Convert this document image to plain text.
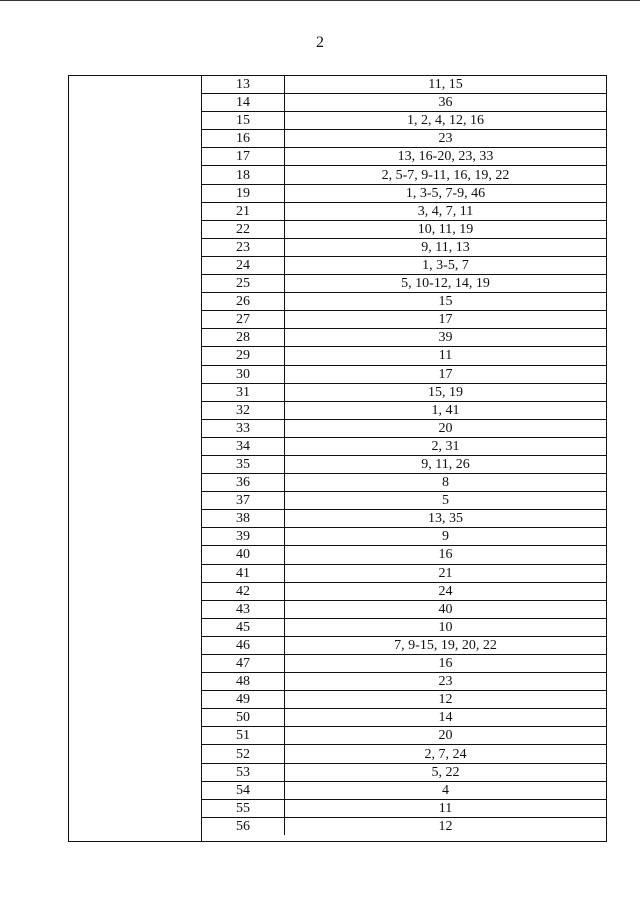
2
13	11, 15
14	36
15	1, 2, 4, 12, 16
16	23
17	13, 16-20, 23, 33
18	2, 5-7, 9-11, 16, 19, 22
19	1, 3-5, 7-9, 46
21	3, 4, 7, 11
22	10, 11, 19
23	9, 11, 13
24	1, 3-5, 7
25	5, 10-12, 14, 19
26	15
27	17
28	39
29	11
30	17
31	15, 19
32	1, 41
33	20
34	2, 31
35	9, 11, 26
36	8
37	5
38	13, 35
39	9
40	16
41	21
42	24
43	40
45	10
46	7, 9-15, 19, 20, 22
47	16
48	23
49	12
50	14
51	20
52	2, 7, 24
53	5, 22
54	4
55	11
56	12
